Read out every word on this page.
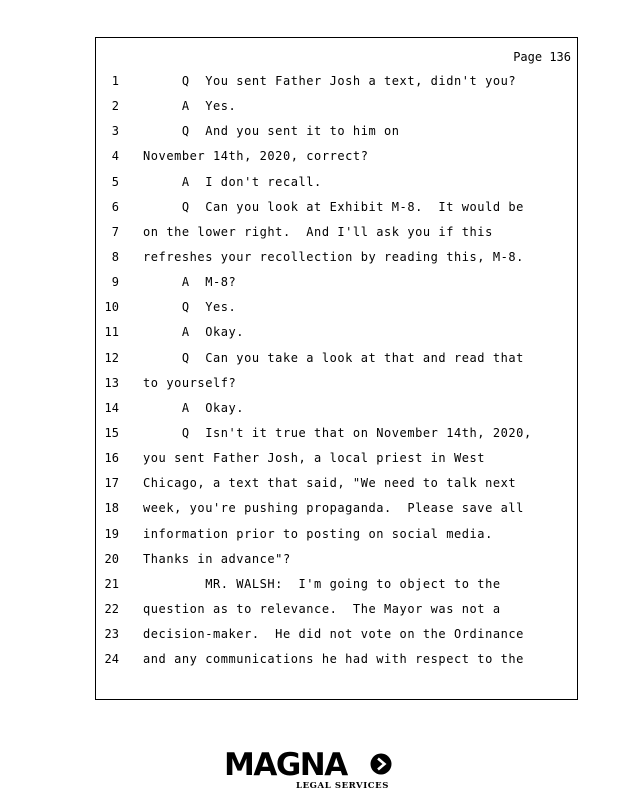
Page 136
1 Q  You sent Father Josh a text, didn't you?
2 A  Yes.
3 Q  And you sent it to him on
4 November 14th, 2020, correct?
5 A  I don't recall.
6 Q  Can you look at Exhibit M-8.  It would be
7 on the lower right.  And I'll ask you if this
8 refreshes your recollection by reading this, M-8.
9 A  M-8?
10 Q  Yes.
11 A  Okay.
12 Q  Can you take a look at that and read that
13 to yourself?
14 A  Okay.
15 Q  Isn't it true that on November 14th, 2020,
16 you sent Father Josh, a local priest in West
17 Chicago, a text that said, "We need to talk next
18 week, you're pushing propaganda.  Please save all
19 information prior to posting on social media.
20 Thanks in advance"?
21 MR. WALSH:  I'm going to object to the
22 question as to relevance.  The Mayor was not a
23 decision-maker.  He did not vote on the Ordinance
24 and any communications he had with respect to the
MAGNA
LEGAL SERVICES
